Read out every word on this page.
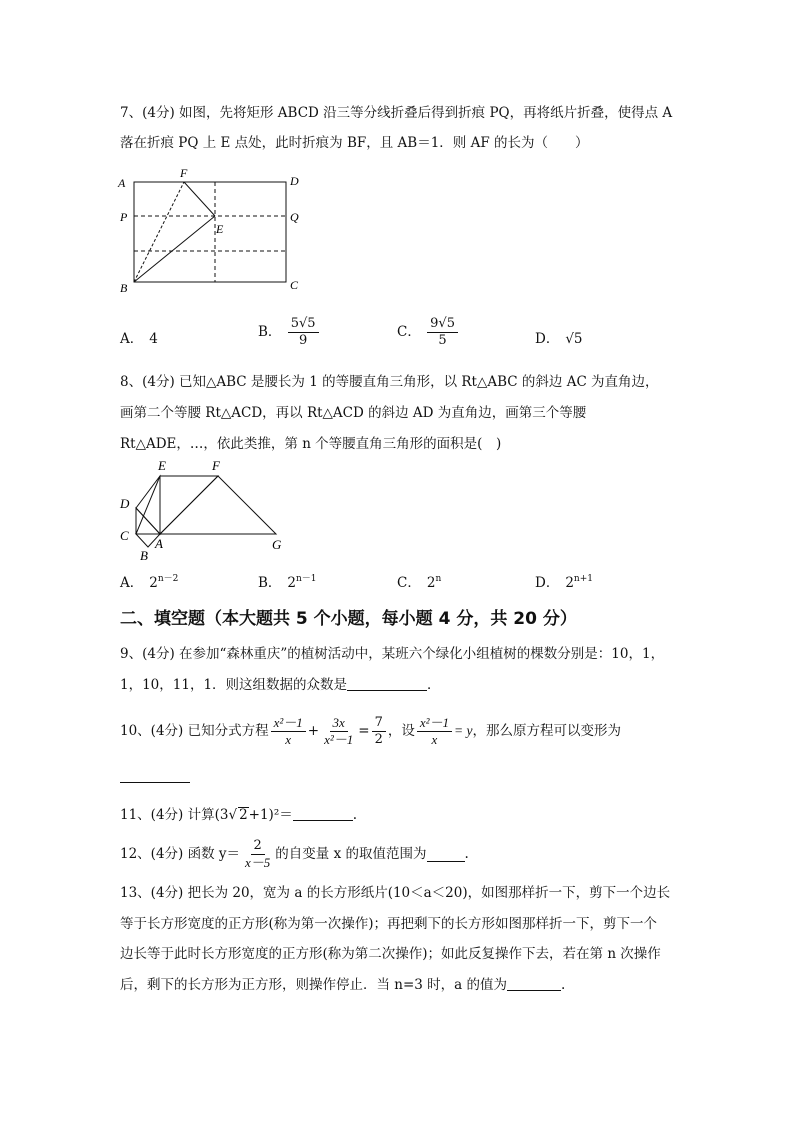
7、(4分) 如图，先将矩形 ABCD 沿三等分线折叠后得到折痕 PQ，再将纸片折叠，使得点 A
落在折痕 PQ 上 E 点处，此时折痕为 BF，且 AB＝1．则 AF 的长为（　　）
A
F
D
P	Q
E
B	C
A． 4	B． $\frac{5√5}{9}$	C． $\frac{9√5}{5}$	D． √5
8、(4分) 已知△ABC 是腰长为 1 的等腰直角三角形，以 Rt△ABC 的斜边 AC 为直角边，
画第二个等腰 Rt△ACD，再以 Rt△ACD 的斜边 AD 为直角边，画第三个等腰
Rt△ADE，…，依此类推，第 n 个等腰直角三角形的面积是(　)
E	F
D
C
A
B
G
A． $2^{n-2}$	B． $2^{n-1}$	C． 2$^n$	D． $2^{n+1}$
二、填空题（本大题共 5 个小题，每小题 4 分，共 20 分）
9、(4分) 在参加“森林重庆”的植树活动中，某班六个绿化小组植树的棵数分别是：10，1，
1，10，11，1．则这组数据的众数是	．
10、(4分) 已知分式方程 $\frac{\text{x²－1}}{x} + \frac{3x}{\text{x²－1}} = \frac{7}{2}$ ，设 $\frac{\text{x²－1}}{x} = y$ ，那么原方程可以变形为
11、(4分) 计算(3√ 2+1)²＝	.
12、(4分) 函数 $y= \frac{2}{x-5}$ 的自变量 x 的取值范围为	.
13、(4分) 把长为 20，宽为 a 的长方形纸片(10＜a＜20)，如图那样折一下，剪下一个边长
等于长方形宽度的正方形(称为第一次操作)；再把剩下的长方形如图那样折一下，剪下一个
边长等于此时长方形宽度的正方形(称为第二次操作)；如此反复操作下去，若在第 n 次操作
后，剩下的长方形为正方形，则操作停止．当 n=3 时，a 的值为	.
